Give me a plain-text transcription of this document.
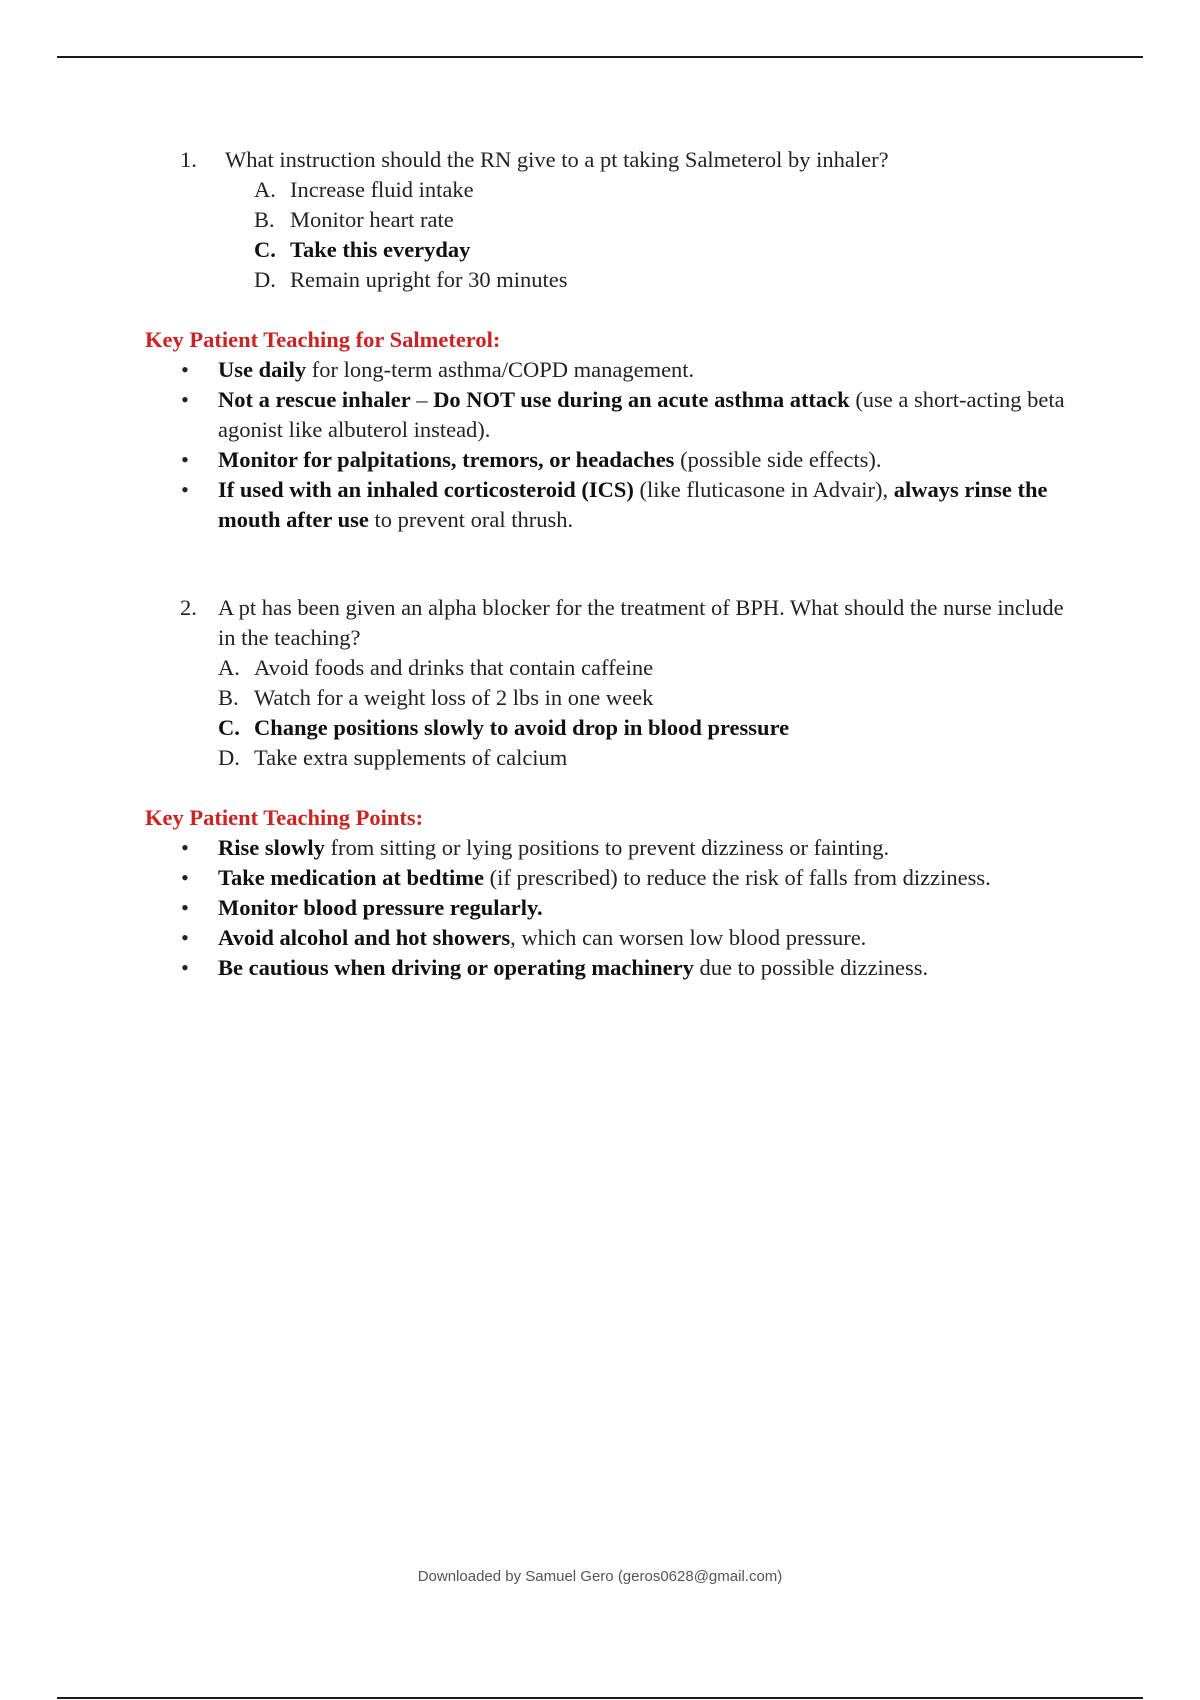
1. What instruction should the RN give to a pt taking Salmeterol by inhaler?
A. Increase fluid intake
B. Monitor heart rate
C. Take this everyday
D. Remain upright for 30 minutes
Key Patient Teaching for Salmeterol:
• Use daily for long-term asthma/COPD management.
• Not a rescue inhaler – Do NOT use during an acute asthma attack (use a short-acting beta agonist like albuterol instead).
• Monitor for palpitations, tremors, or headaches (possible side effects).
• If used with an inhaled corticosteroid (ICS) (like fluticasone in Advair), always rinse the mouth after use to prevent oral thrush.
2. A pt has been given an alpha blocker for the treatment of BPH. What should the nurse include in the teaching?
A. Avoid foods and drinks that contain caffeine
B. Watch for a weight loss of 2 lbs in one week
C. Change positions slowly to avoid drop in blood pressure
D. Take extra supplements of calcium
Key Patient Teaching Points:
• Rise slowly from sitting or lying positions to prevent dizziness or fainting.
• Take medication at bedtime (if prescribed) to reduce the risk of falls from dizziness.
• Monitor blood pressure regularly.
• Avoid alcohol and hot showers, which can worsen low blood pressure.
• Be cautious when driving or operating machinery due to possible dizziness.
Downloaded by Samuel Gero (geros0628@gmail.com)
